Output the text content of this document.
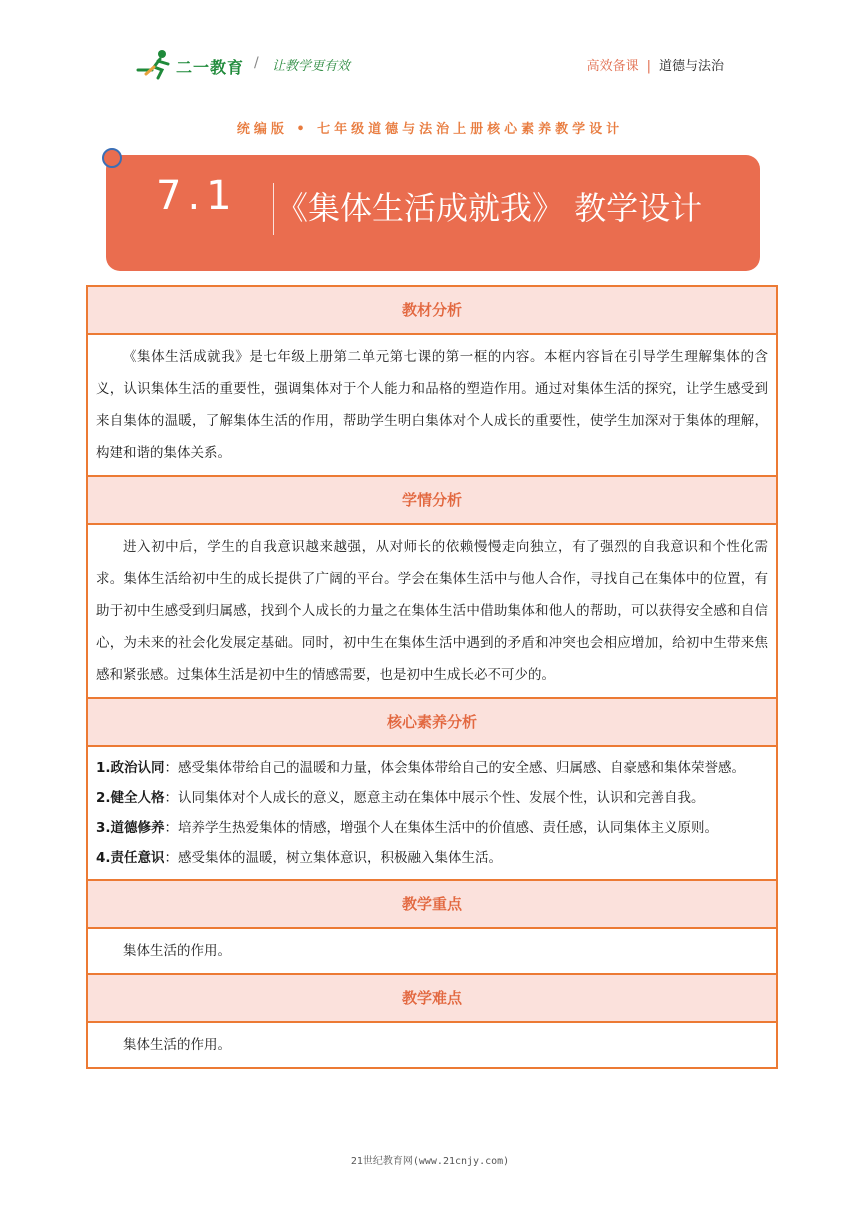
二一教育 / 让教学更有效	高效备课 | 道德与法治
统编版 • 七年级道德与法治上册核心素养教学设计
7.1 《集体生活成就我》 教学设计
教材分析

《集体生活成就我》是七年级上册第二单元第七课的第一框的内容。本框内容旨在引导学生理解集体的含义，认识集体生活的重要性，强调集体对于个人能力和品格的塑造作用。通过对集体生活的探究，让学生感受到来自集体的温暖，了解集体生活的作用，帮助学生明白集体对个人成长的重要性，使学生加深对于集体的理解，构建和谐的集体关系。

学情分析

进入初中后，学生的自我意识越来越强，从对师长的依赖慢慢走向独立，有了强烈的自我意识和个性化需求。集体生活给初中生的成长提供了广阔的平台。学会在集体生活中与他人合作，寻找自己在集体中的位置，有助于初中生感受到归属感，找到个人成长的力量之在集体生活中借助集体和他人的帮助，可以获得安全感和自信心，为未来的社会化发展定基础。同时，初中生在集体生活中遇到的矛盾和冲突也会相应增加，给初中生带来焦感和紧张感。过集体生活是初中生的情感需要，也是初中生成长必不可少的。

核心素养分析

1.政治认同：感受集体带给自己的温暖和力量，体会集体带给自己的安全感、归属感、自豪感和集体荣誉感。

2.健全人格：认同集体对个人成长的意义，愿意主动在集体中展示个性、发展个性，认识和完善自我。

3.道德修养：培养学生热爱集体的情感，增强个人在集体生活中的价值感、责任感，认同集体主义原则。

4.责任意识：感受集体的温暖，树立集体意识，积极融入集体生活。

教学重点

集体生活的作用。

教学难点

集体生活的作用。

21世纪教育网(www.21cnjy.com)
